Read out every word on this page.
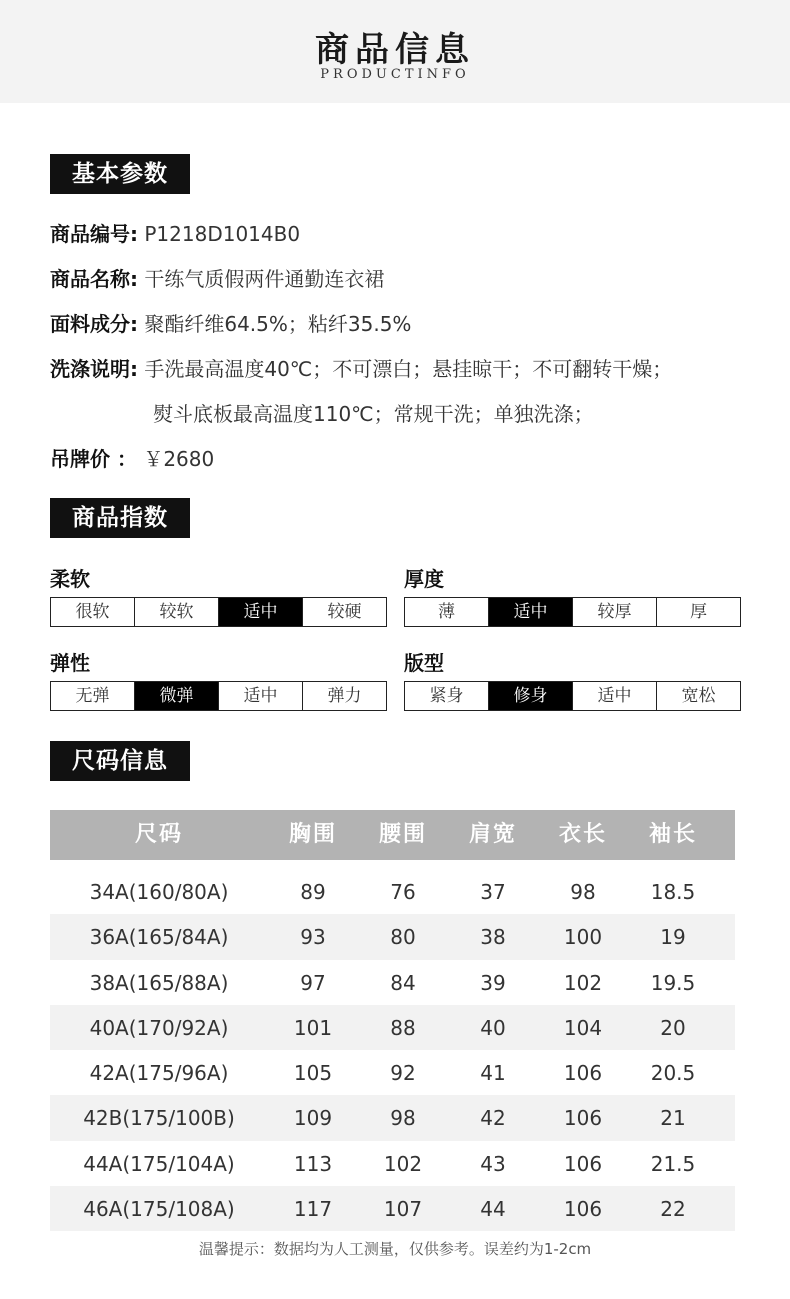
商品信息
PRODUCTINFO
基本参数
商品编号: P1218D1014B0
商品名称: 干练气质假两件通勤连衣裙
面料成分: 聚酯纤维64.5%；粘纤35.5%
洗涤说明: 手洗最高温度40℃；不可漂白；悬挂晾干；不可翻转干燥；
熨斗底板最高温度110℃；常规干洗；单独洗涤；
吊牌价 ： ￥2680
商品指数
柔软
很软	较软	适中	较硬
厚度
薄	适中	较厚	厚
弹性
无弹	微弹	适中	弹力
版型
紧身	修身	适中	宽松
尺码信息
尺码	胸围	腰围	肩宽	衣长	袖长
34A(160/80A)	89	76	37	98	18.5
36A(165/84A)	93	80	38	100	19
38A(165/88A)	97	84	39	102	19.5
40A(170/92A)	101	88	40	104	20
42A(175/96A)	105	92	41	106	20.5
42B(175/100B)	109	98	42	106	21
44A(175/104A)	113	102	43	106	21.5
46A(175/108A)	117	107	44	106	22
温馨提示：数据均为人工测量，仅供参考。误差约为1-2cm
